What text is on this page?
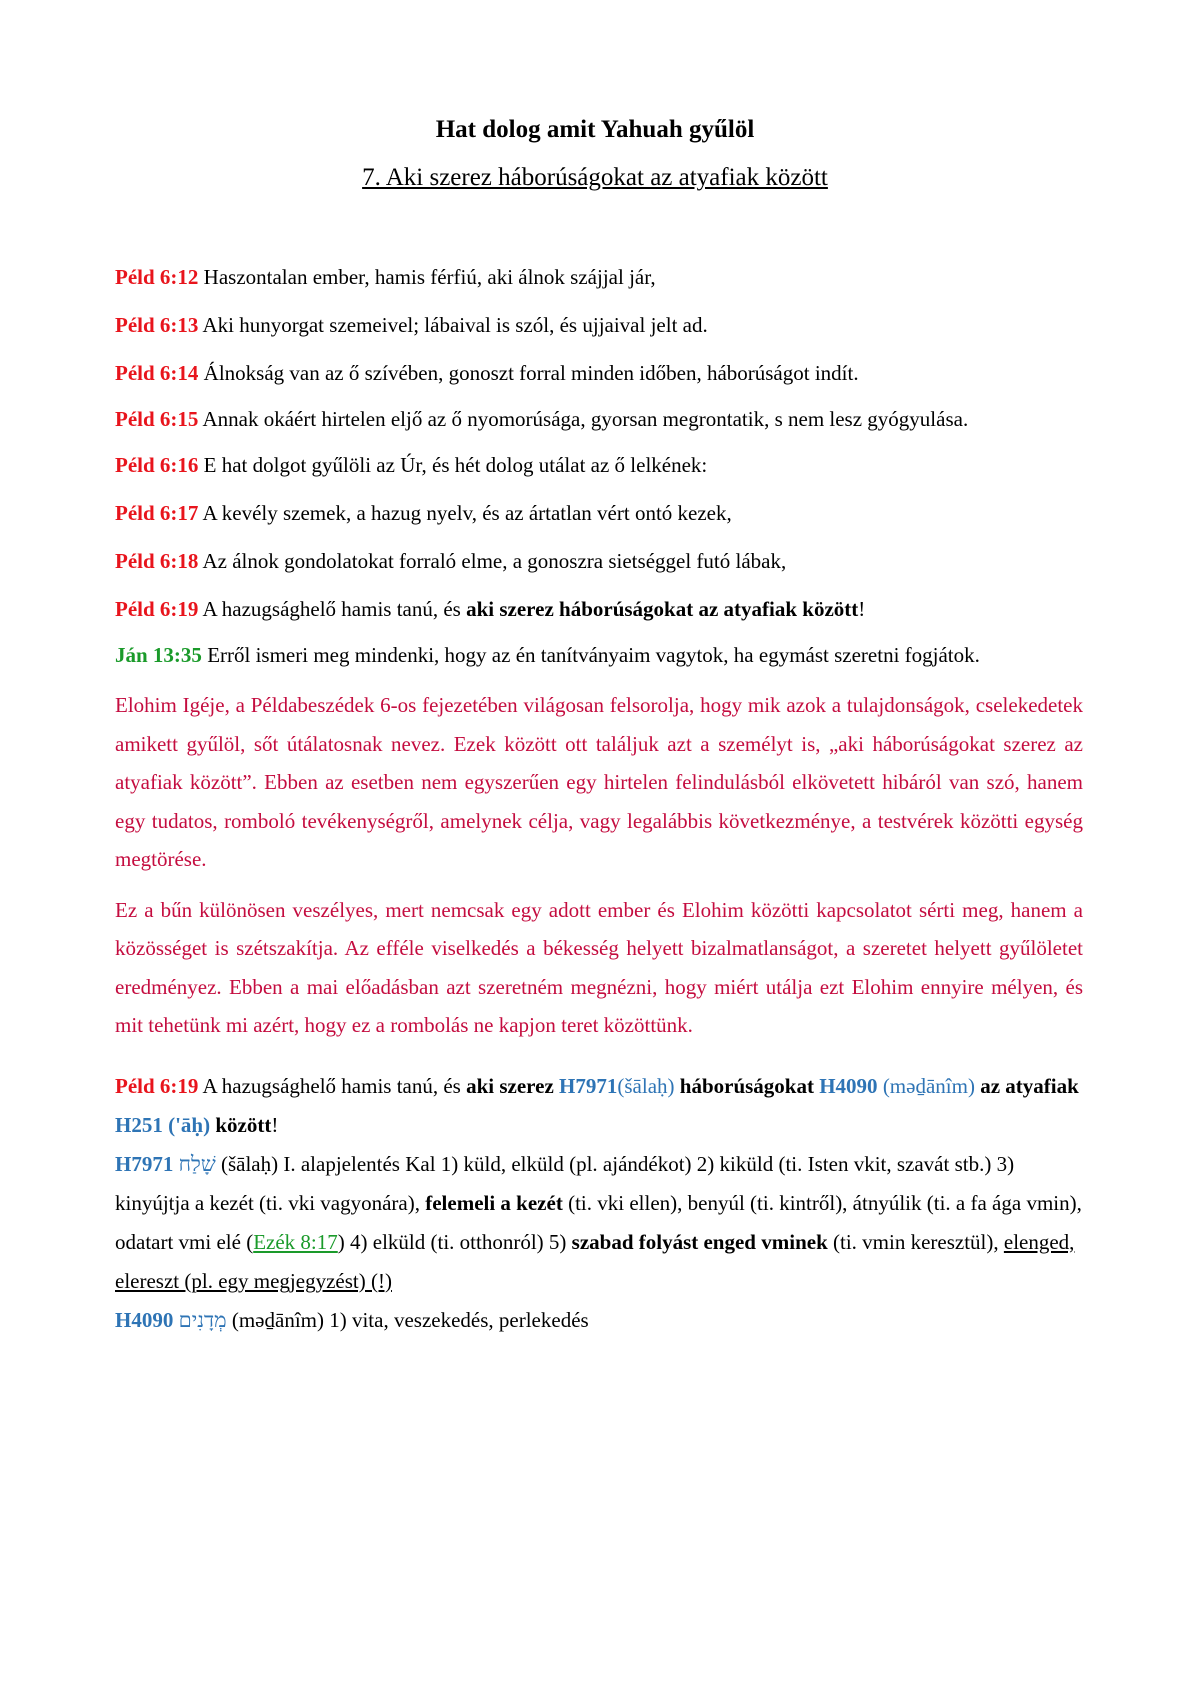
Hat dolog amit Yahuah gyűlöl
7. Aki szerez háborúságokat az atyafiak között

Péld 6:12 Haszontalan ember, hamis férfiú, aki álnok szájjal jár,

Péld 6:13 Aki hunyorgat szemeivel; lábaival is szól, és ujjaival jelt ad.

Péld 6:14 Álnokság van az ő szívében, gonoszt forral minden időben, háborúságot indít.

Péld 6:15 Annak okáért hirtelen eljő az ő nyomorúsága, gyorsan megrontatik, s nem lesz gyógyulása.

Péld 6:16 E hat dolgot gyűlöli az Úr, és hét dolog utálat az ő lelkének:

Péld 6:17 A kevély szemek, a hazug nyelv, és az ártatlan vért ontó kezek,

Péld 6:18 Az álnok gondolatokat forraló elme, a gonoszra sietséggel futó lábak,

Péld 6:19 A hazugsághelő hamis tanú, és aki szerez háborúságokat az atyafiak között!

Ján 13:35 Erről ismeri meg mindenki, hogy az én tanítványaim vagytok, ha egymást szeretni fogjátok.

Elohim Igéje, a Példabeszédek 6-os fejezetében világosan felsorolja, hogy mik azok a tulajdonságok, cselekedetek amikett gyűlöl, sőt útálatosnak nevez. Ezek között ott találjuk azt a személyt is, „aki háborúságokat szerez az atyafiak között”. Ebben az esetben nem egyszerűen egy hirtelen felindulásból elkövetett hibáról van szó, hanem egy tudatos, romboló tevékenységről, amelynek célja, vagy legalábbis következménye, a testvérek közötti egység megtörése.

Ez a bűn különösen veszélyes, mert nemcsak egy adott ember és Elohim közötti kapcsolatot sérti meg, hanem a közösséget is szétszakítja. Az efféle viselkedés a békesség helyett bizalmatlanságot, a szeretet helyett gyűlöletet eredményez. Ebben a mai előadásban azt szeretném megnézni, hogy miért utálja ezt Elohim ennyire mélyen, és mit tehetünk mi azért, hogy ez a rombolás ne kapjon teret közöttünk.

Péld 6:19 A hazugsághelő hamis tanú, és aki szerez H7971(šālaḥ) háborúságokat H4090 (məḏānîm) az atyafiak H251 ('āḥ) között!

H7971 שָׁלַח (šālaḥ) I. alapjelentés Kal 1) küld, elküld (pl. ajándékot) 2) kiküld (ti. Isten vkit, szavát stb.) 3) kinyújtja a kezét (ti. vki vagyonára), felemeli a kezét (ti. vki ellen), benyúl (ti. kintről), átnyúlik (ti. a fa ága vmin), odatart vmi elé (Ezék 8:17) 4) elküld (ti. otthonról) 5) szabad folyást enged vminek (ti. vmin keresztül), elenged, elereszt (pl. egy megjegyzést) (!)

H4090 מְדָנִים (məḏānîm) 1) vita, veszekedés, perlekedés
